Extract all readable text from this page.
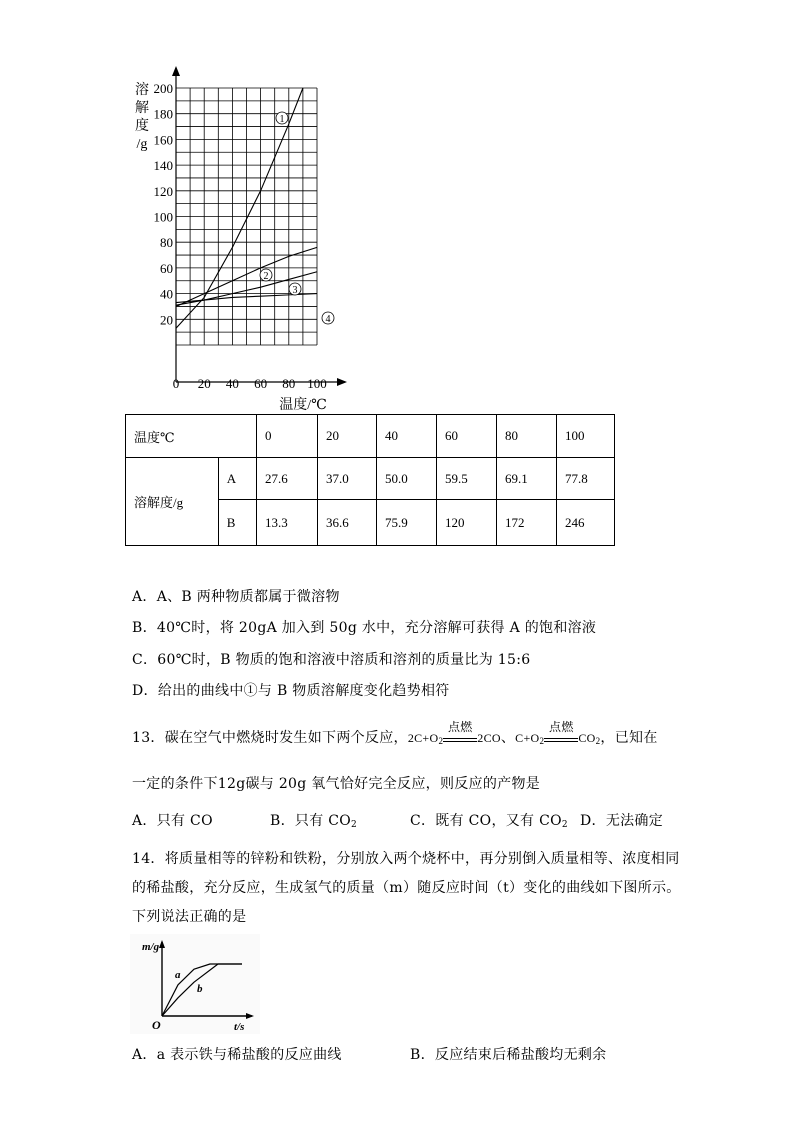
20
40
60
80
100
120
140
160
180
200
0 20 40 60 80 100
溶
解
度
/g
温度/℃
1
2
3
4
温度℃		0	20	40	60	80	100
溶解度/g	A	27.6	37.0	50.0	59.5	69.1	77.8
	B	13.3	36.6	75.9	120	172	246
A．A、B 两种物质都属于微溶物
B．40℃时，将 20gA 加入到 50g 水中，充分溶解可获得 A 的饱和溶液
C．60℃时，B 物质的饱和溶液中溶质和溶剂的质量比为 15:6
D．给出的曲线中①与 B 物质溶解度变化趋势相符
13．碳在空气中燃烧时发生如下两个反应，$2C+O_2$
点燃
2CO、$C+O_2$
点燃
$CO_2$，已知在
一定的条件下12g碳与 20g 氧气恰好完全反应，则反应的产物是
A．只有 CO	B．只有 $CO_2$	C．既有 CO，又有 $CO_2$ D．无法确定
14．将质量相等的锌粉和铁粉，分别放入两个烧杯中，再分别倒入质量相等、浓度相同
的稀盐酸，充分反应，生成氢气的质量（m）随反应时间（t）变化的曲线如下图所示。
下列说法正确的是
m/g
t/s
O
a
b
A．a 表示铁与稀盐酸的反应曲线	B．反应结束后稀盐酸均无剩余
